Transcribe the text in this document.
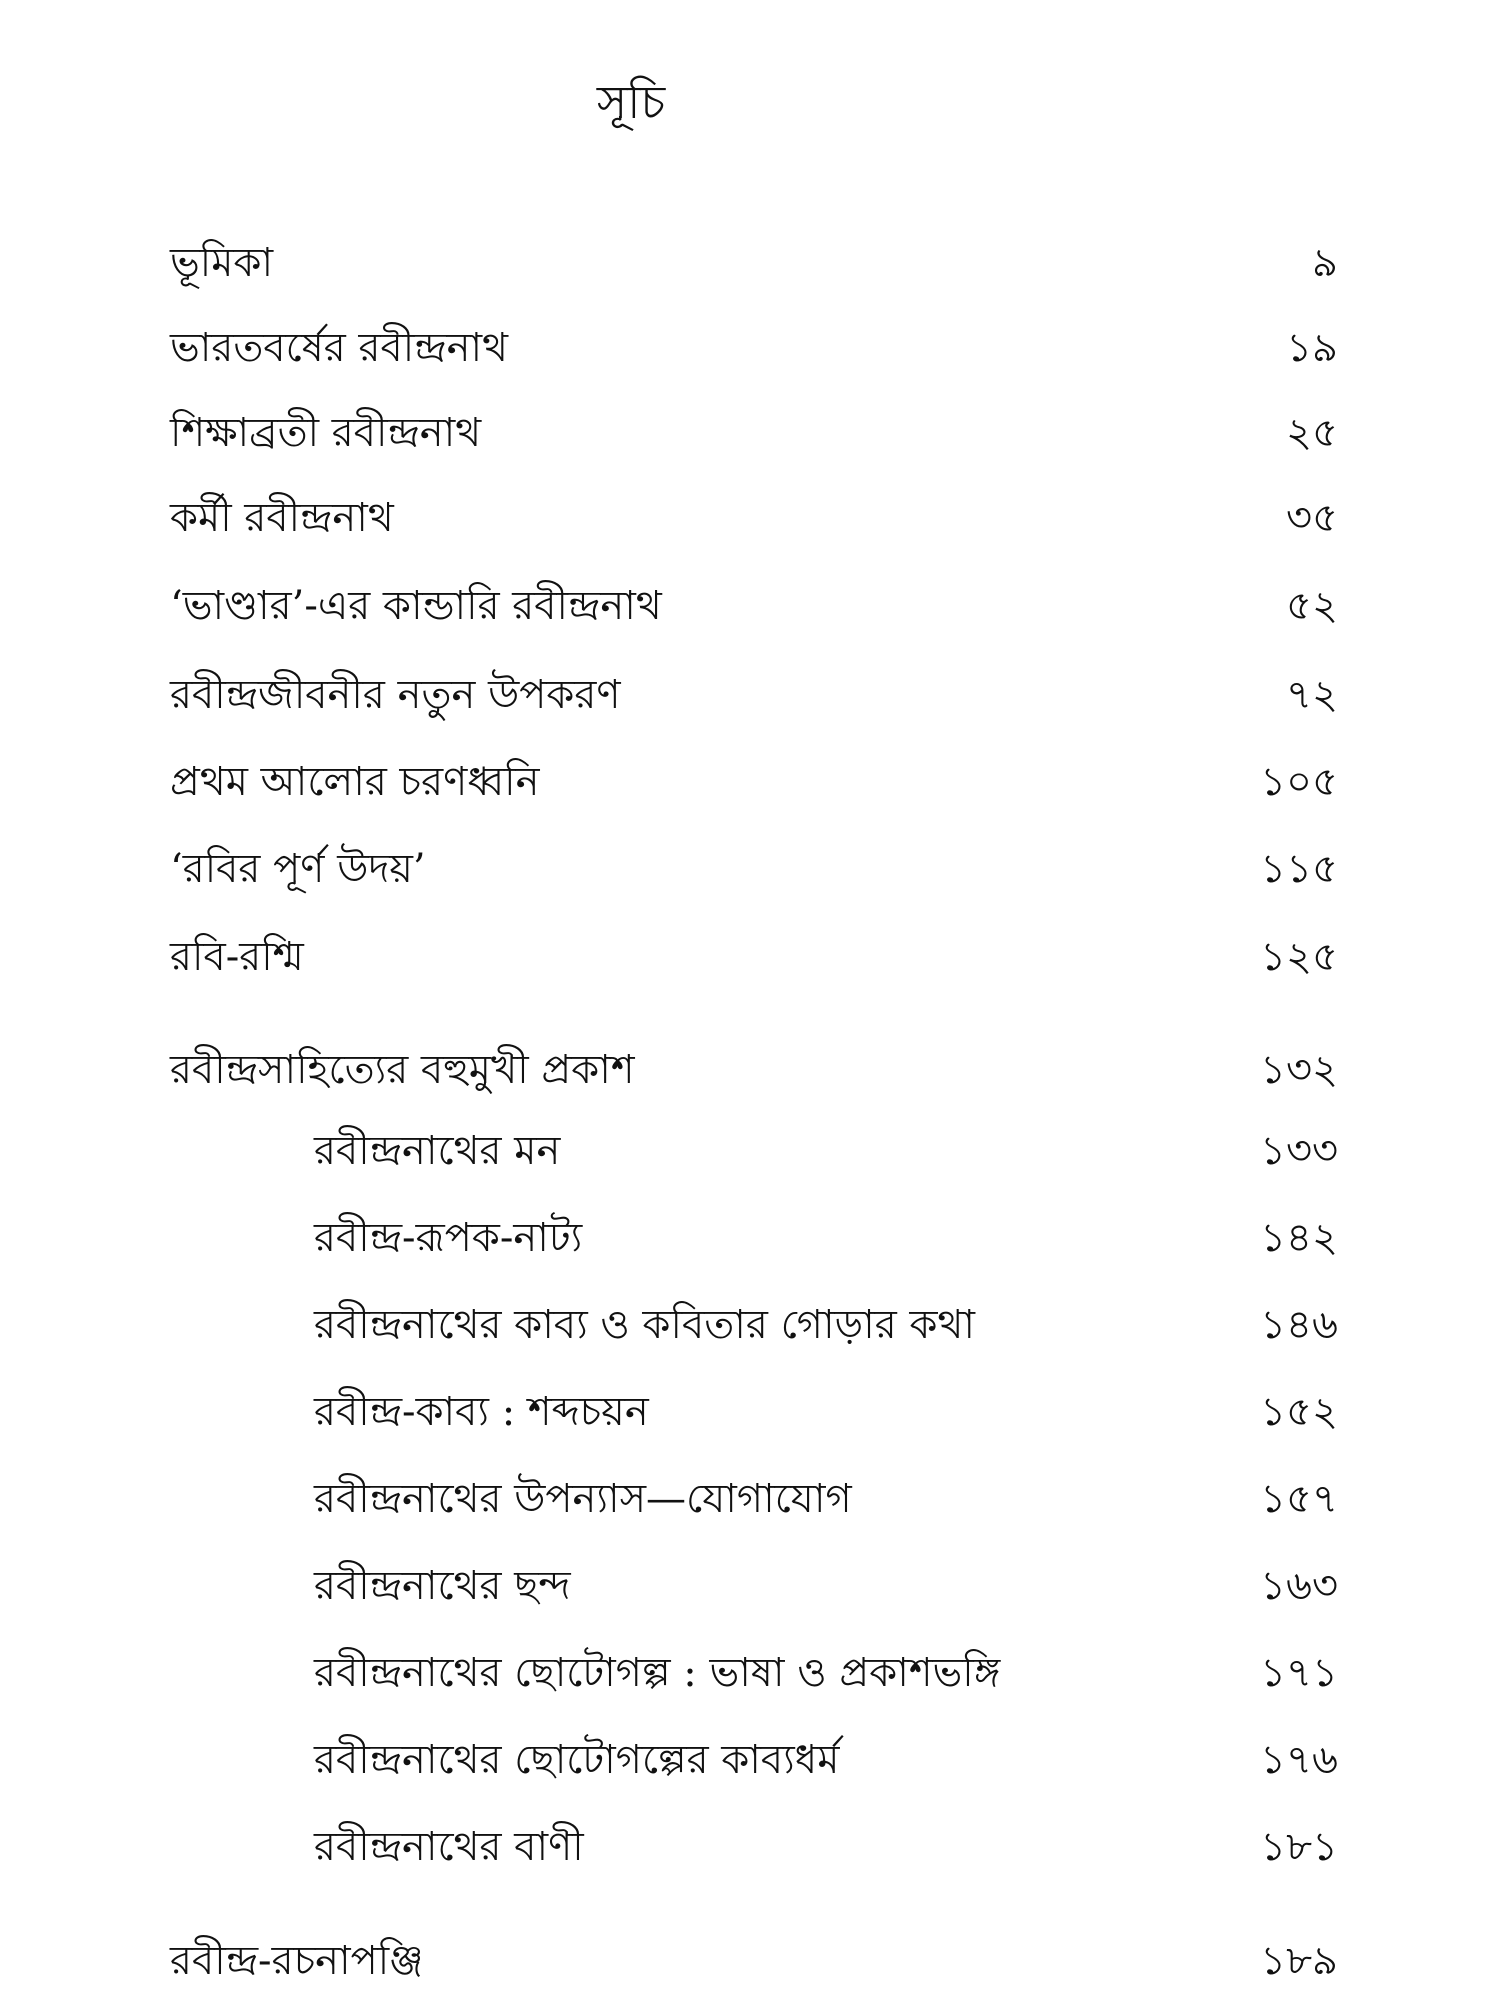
সূচি
ভূমিকা	৯
ভারতবর্ষের রবীন্দ্রনাথ	১৯
শিক্ষাব্রতী রবীন্দ্রনাথ	২৫
কর্মী রবীন্দ্রনাথ	৩৫
‘ভাণ্ডার’-এর কান্ডারি রবীন্দ্রনাথ	৫২
রবীন্দ্রজীবনীর নতুন উপকরণ	৭২
প্রথম আলোর চরণধ্বনি	১০৫
‘রবির পূর্ণ উদয়’	১১৫
রবি-রশ্মি	১২৫
রবীন্দ্রসাহিত্যের বহুমুখী প্রকাশ	১৩২
রবীন্দ্রনাথের মন	১৩৩
রবীন্দ্র-রূপক-নাট্য	১৪২
রবীন্দ্রনাথের কাব্য ও কবিতার গোড়ার কথা	১৪৬
রবীন্দ্র-কাব্য : শব্দচয়ন	১৫২
রবীন্দ্রনাথের উপন্যাস—যোগাযোগ	১৫৭
রবীন্দ্রনাথের ছন্দ	১৬৩
রবীন্দ্রনাথের ছোটোগল্প : ভাষা ও প্রকাশভঙ্গি	১৭১
রবীন্দ্রনাথের ছোটোগল্পের কাব্যধর্ম	১৭৬
রবীন্দ্রনাথের বাণী	১৮১
রবীন্দ্র-রচনাপঞ্জি	১৮৯
